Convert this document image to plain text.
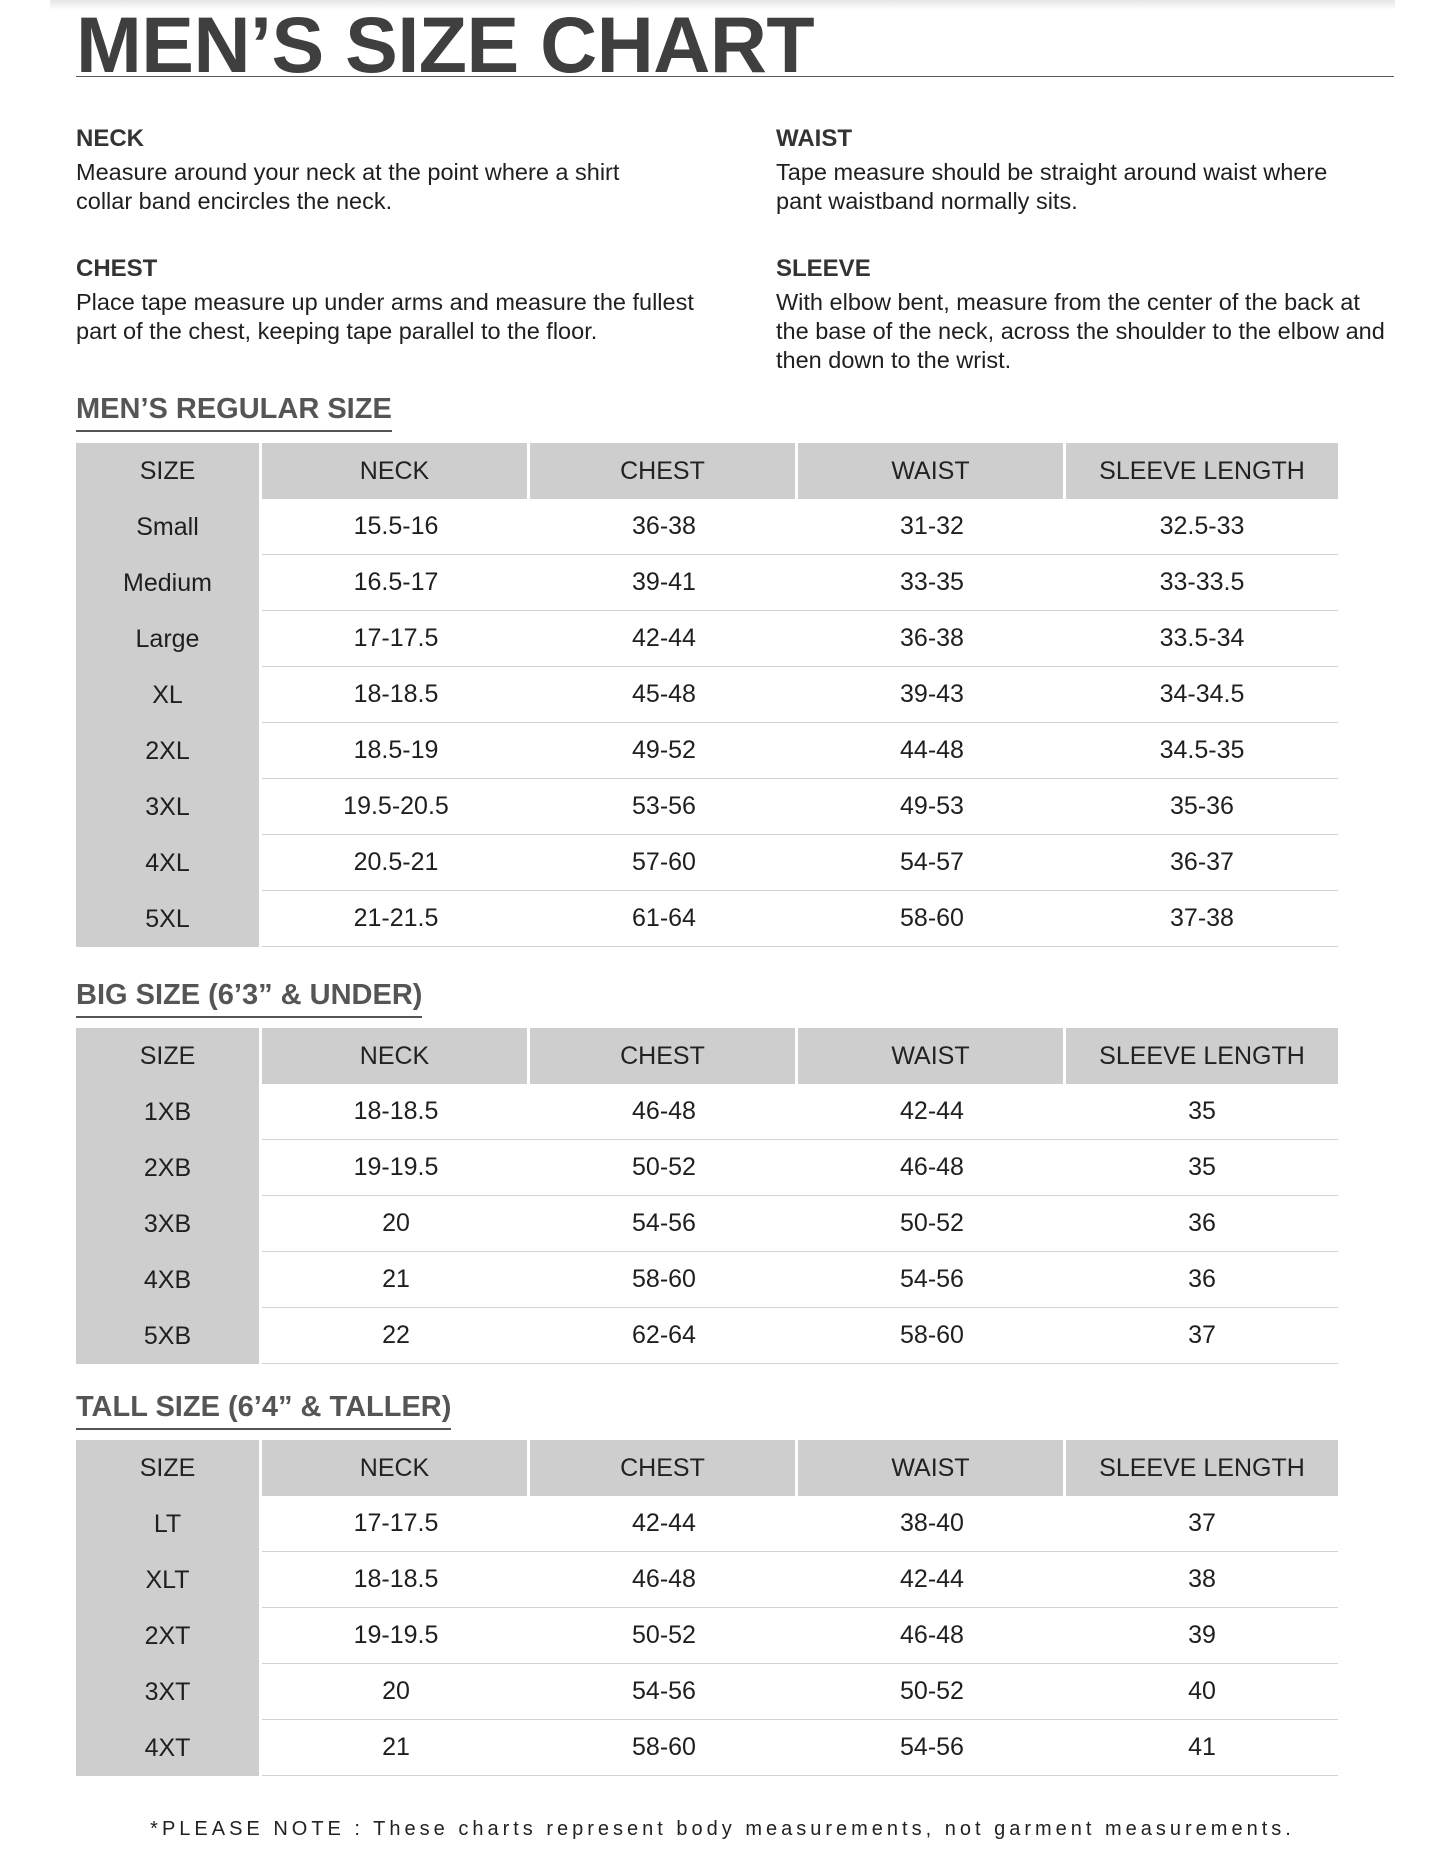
MEN’S SIZE CHART
NECK

Measure around your neck at the point where a shirt collar band encircles the neck.

WAIST

Tape measure should be straight around waist where pant waistband normally sits.

CHEST

Place tape measure up under arms and measure the fullest part of the chest, keeping tape parallel to the floor.

SLEEVE

With elbow bent, measure from the center of the back at the base of the neck, across the shoulder to the elbow and then down to the wrist.

MEN’S REGULAR SIZE
SIZE	NECK	CHEST	WAIST	SLEEVE LENGTH
Small	15.5-16	36-38	31-32	32.5-33
Medium	16.5-17	39-41	33-35	33-33.5
Large	17-17.5	42-44	36-38	33.5-34
XL	18-18.5	45-48	39-43	34-34.5
2XL	18.5-19	49-52	44-48	34.5-35
3XL	19.5-20.5	53-56	49-53	35-36
4XL	20.5-21	57-60	54-57	36-37
5XL	21-21.5	61-64	58-60	37-38
BIG SIZE (6’3” & UNDER)
SIZE	NECK	CHEST	WAIST	SLEEVE LENGTH
1XB	18-18.5	46-48	42-44	35
2XB	19-19.5	50-52	46-48	35
3XB	20	54-56	50-52	36
4XB	21	58-60	54-56	36
5XB	22	62-64	58-60	37
TALL SIZE (6’4” & TALLER)
SIZE	NECK	CHEST	WAIST	SLEEVE LENGTH
LT	17-17.5	42-44	38-40	37
XLT	18-18.5	46-48	42-44	38
2XT	19-19.5	50-52	46-48	39
3XT	20	54-56	50-52	40
4XT	21	58-60	54-56	41
*PLEASE NOTE : These charts represent body measurements, not garment measurements.
